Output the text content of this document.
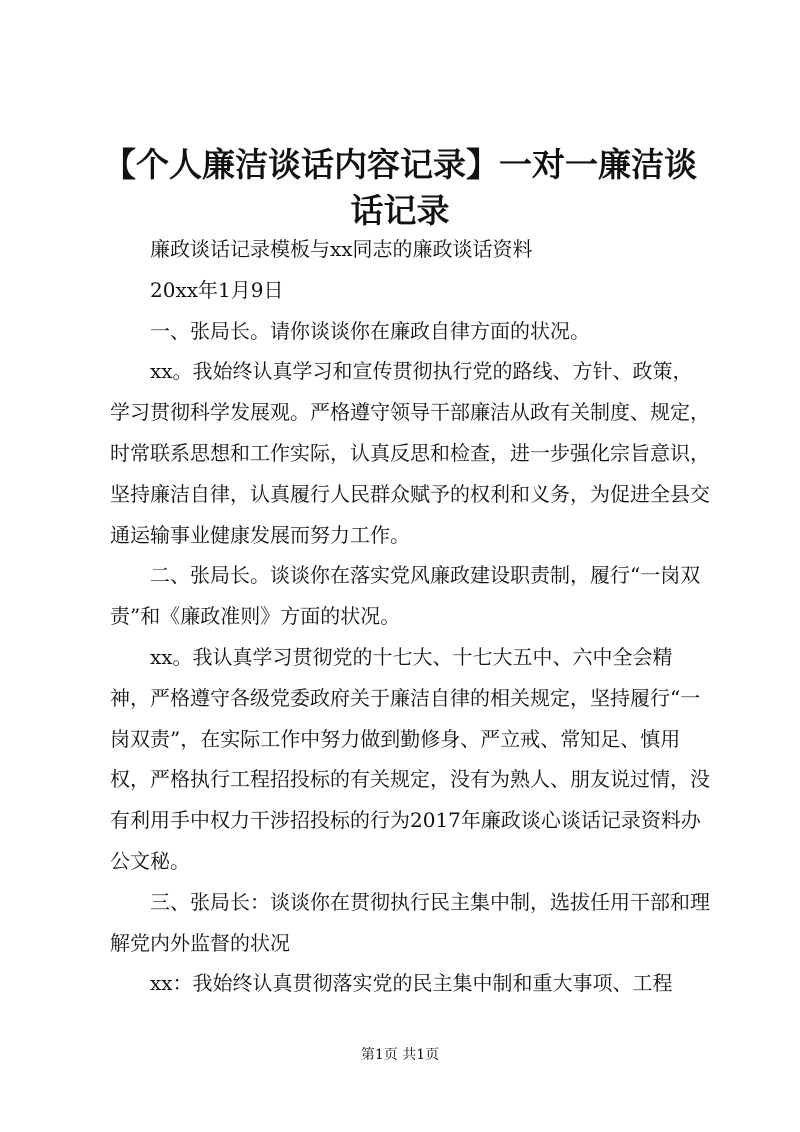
【个人廉洁谈话内容记录】一对一廉洁谈话记录

廉政谈话记录模板与xx同志的廉政谈话资料

20xx年1月9日

一、张局长。请你谈谈你在廉政自律方面的状况。

xx。我始终认真学习和宣传贯彻执行党的路线、方针、政策，学习贯彻科学发展观。严格遵守领导干部廉洁从政有关制度、规定，时常联系思想和工作实际，认真反思和检查，进一步强化宗旨意识，坚持廉洁自律，认真履行人民群众赋予的权利和义务，为促进全县交通运输事业健康发展而努力工作。

二、张局长。谈谈你在落实党风廉政建设职责制，履行“一岗双责”和《廉政准则》方面的状况。

xx。我认真学习贯彻党的十七大、十七大五中、六中全会精神，严格遵守各级党委政府关于廉洁自律的相关规定，坚持履行“一岗双责”，在实际工作中努力做到勤修身、严立戒、常知足、慎用权，严格执行工程招投标的有关规定，没有为熟人、朋友说过情，没有利用手中权力干涉招投标的行为2017年廉政谈心谈话记录资料办公文秘。

三、张局长：谈谈你在贯彻执行民主集中制，选拔任用干部和理解党内外监督的状况

xx：我始终认真贯彻落实党的民主集中制和重大事项、工程

第1页 共1页
